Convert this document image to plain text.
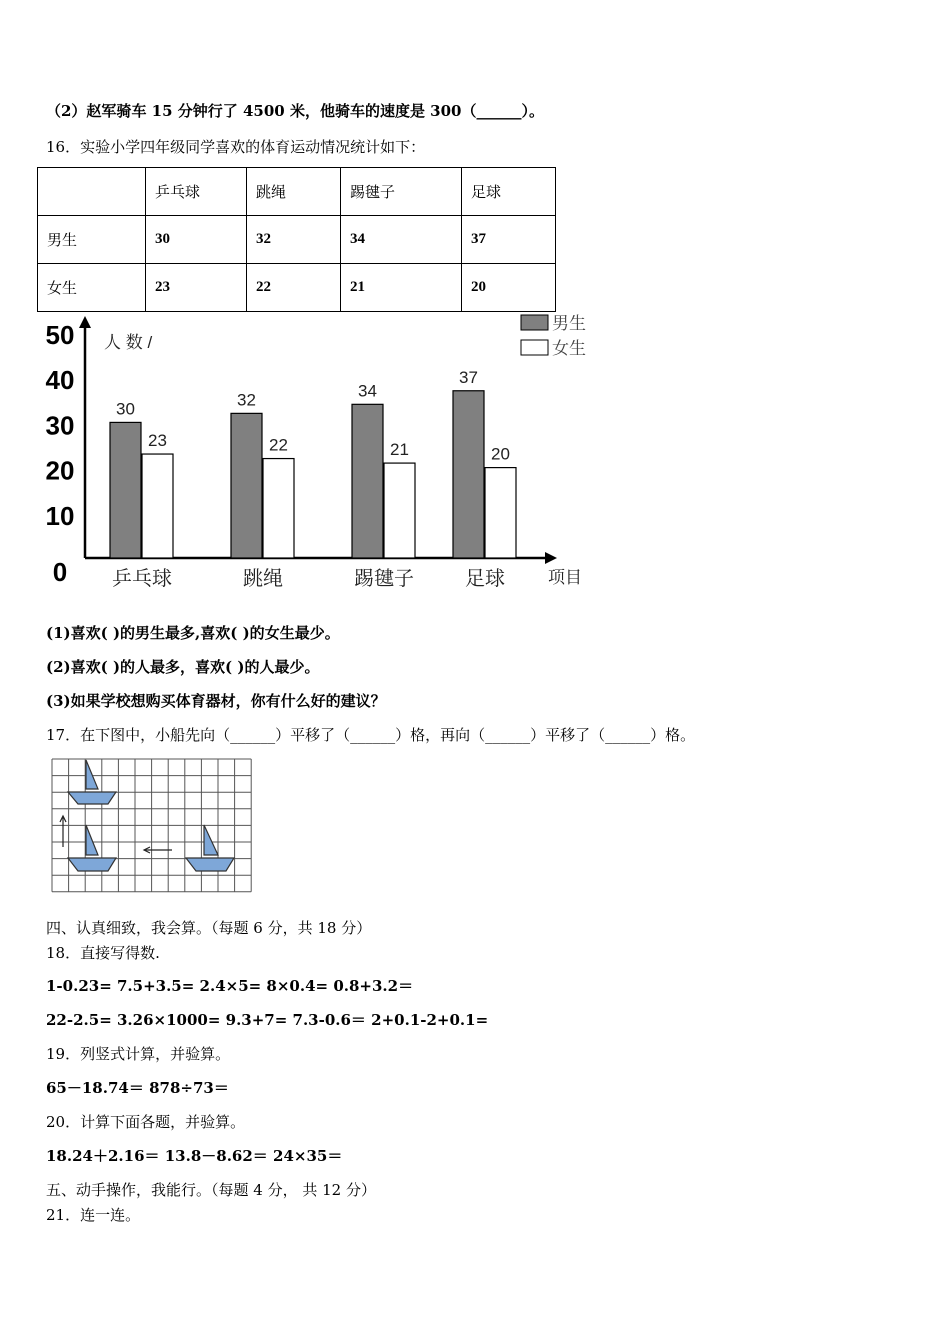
（2）赵军骑车 15 分钟行了 4500 米，他骑车的速度是 300（______）。
16．实验小学四年级同学喜欢的体育运动情况统计如下：
	乒乓球	跳绳	踢毽子	足球
男生	30	32	34	37
女生	23	22	21	20
0
10
20
30
40
50 人 数 /
项目
30
23
乒乓球
32
22
跳绳
34
21
踢毽子
37
20
足球
男生
女生
(1)喜欢( )的男生最多,喜欢( )的女生最少。
(2)喜欢( )的人最多，喜欢( )的人最少。
(3)如果学校想购买体育器材，你有什么好的建议？
17．在下图中，小船先向（______）平移了（______）格，再向（______）平移了（______）格。
四、认真细致，我会算。（每题 6 分，共 18 分）
18．直接写得数.
1-0.23= 7.5+3.5= 2.4×5= 8×0.4= 0.8+3.2＝
22-2.5= 3.26×1000= 9.3+7= 7.3-0.6＝ 2+0.1-2+0.1=
19．列竖式计算，并验算。
65－18.74＝ 878÷73＝
20．计算下面各题，并验算。
18.24＋2.16＝ 13.8－8.62＝ 24×35＝
五、动手操作，我能行。（每题 4 分， 共 12 分）
21．连一连。
